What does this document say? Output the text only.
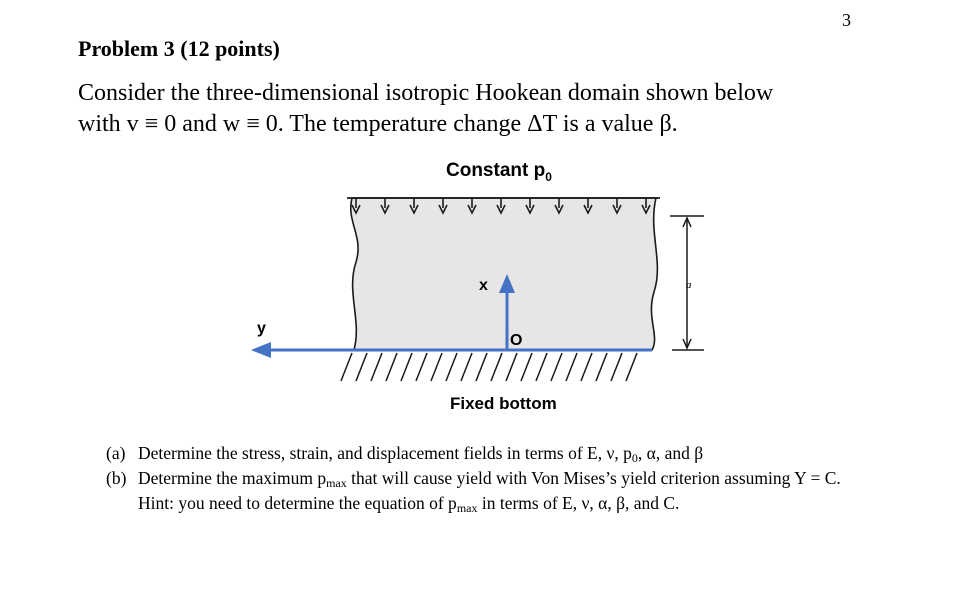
3
Problem 3 (12 points)
Consider the three-dimensional isotropic Hookean domain shown below
with v ≡ 0 and w ≡ 0. The temperature change ΔT is a value β.
Constant $p_0$
a
y
x
O
Fixed bottom
(a) Determine the stress, strain, and displacement fields in terms of E, ν, $p_0$, α, and β
(b) Determine the maximum $p_{max}$ that will cause yield with Von Mises’s yield criterion assuming Y = C. Hint: you need to determine the equation of $p_{max}$ in terms of E, ν, α, β, and C.
